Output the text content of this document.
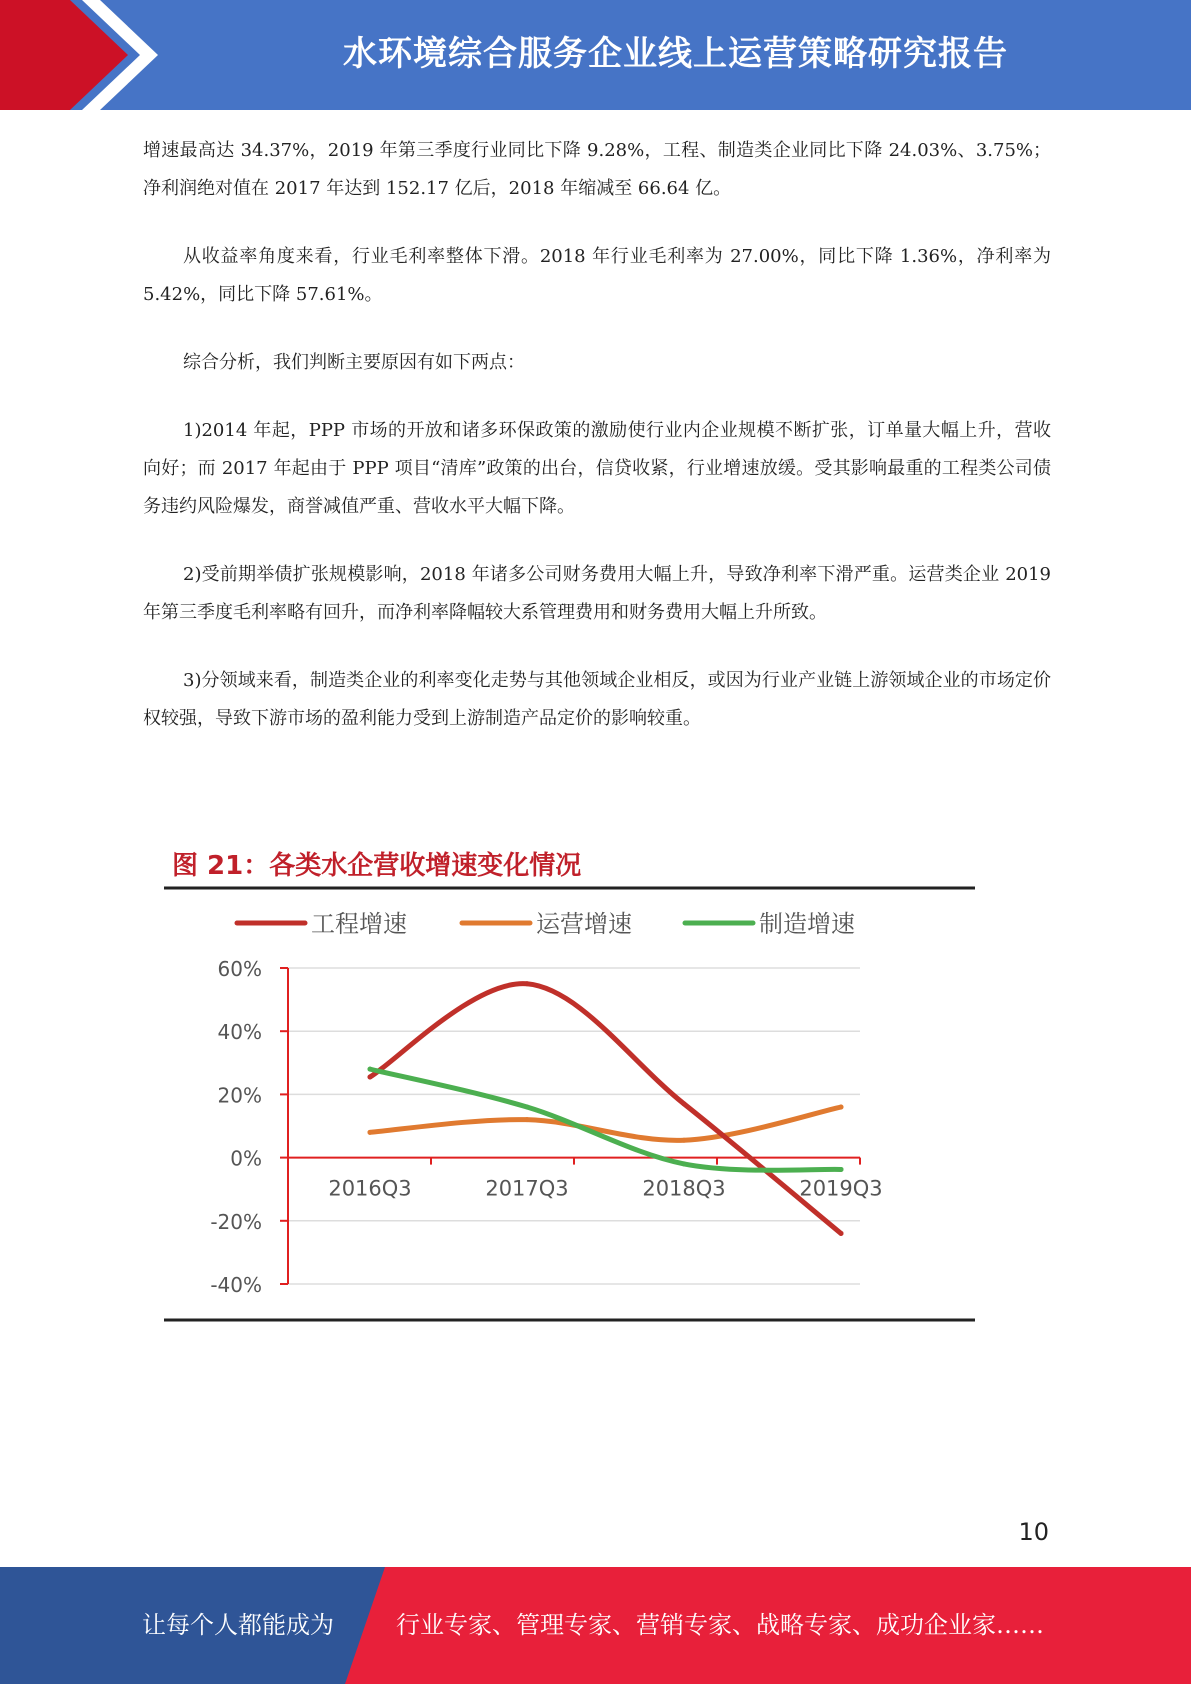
水环境综合服务企业线上运营策略研究报告

增速最高达 34.37%，2019 年第三季度行业同比下降 9.28%，工程、制造类企业同比下降 24.03%、3.75%；净利润绝对值在 2017 年达到 152.17 亿后，2018 年缩减至 66.64 亿。

从收益率角度来看，行业毛利率整体下滑。2018 年行业毛利率为 27.00%，同比下降 1.36%，净利率为 5.42%，同比下降 57.61%。

综合分析，我们判断主要原因有如下两点：

1)2014 年起，PPP 市场的开放和诸多环保政策的激励使行业内企业规模不断扩张，订单量大幅上升，营收向好；而 2017 年起由于 PPP 项目“清库”政策的出台，信贷收紧，行业增速放缓。受其影响最重的工程类公司债务违约风险爆发，商誉减值严重、营收水平大幅下降。

2)受前期举债扩张规模影响，2018 年诸多公司财务费用大幅上升，导致净利率下滑严重。运营类企业 2019 年第三季度毛利率略有回升，而净利率降幅较大系管理费用和财务费用大幅上升所致。

3)分领域来看，制造类企业的利率变化走势与其他领域企业相反，或因为行业产业链上游领域企业的市场定价权较强，导致下游市场的盈利能力受到上游制造产品定价的影响较重。

图 21：各类水企营收增速变化情况
工程增速	运营增速	制造增速
60%
40%
20%
0%
-20%
-40%
2016Q3	2017Q3	2018Q3	2019Q3
10
让每个人都能成为	行业专家、管理专家、营销专家、战略专家、成功企业家……
